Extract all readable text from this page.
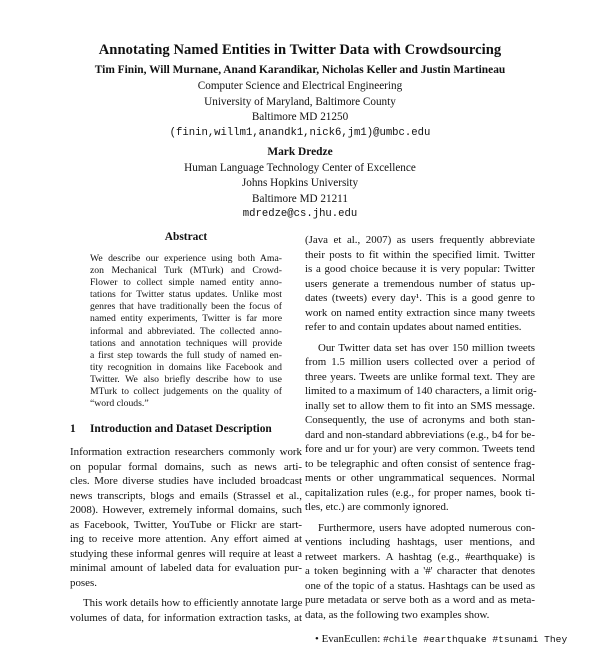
Annotating Named Entities in Twitter Data with Crowdsourcing
Tim Finin, Will Murnane, Anand Karandikar, Nicholas Keller and Justin Martineau
Computer Science and Electrical Engineering
University of Maryland, Baltimore County
Baltimore MD 21250
(finin,willm1,anandk1,nick6,jm1)@umbc.edu
Mark Dredze
Human Language Technology Center of Excellence
Johns Hopkins University
Baltimore MD 21211
mdredze@cs.jhu.edu
Abstract
We describe our experience using both Ama-
zon Mechanical Turk (MTurk) and Crowd-
Flower to collect simple named entity anno-
tations for Twitter status updates. Unlike most
genres that have traditionally been the focus of
named entity experiments, Twitter is far more
informal and abbreviated. The collected anno-
tations and annotation techniques will provide
a first step towards the full study of named en-
tity recognition in domains like Facebook and
Twitter. We also briefly describe how to use
MTurk to collect judgements on the quality of
“word clouds.”
1 Introduction and Dataset Description
Information extraction researchers commonly work
on popular formal domains, such as news arti-
cles. More diverse studies have included broadcast
news transcripts, blogs and emails (Strassel et al.,
2008). However, extremely informal domains, such
as Facebook, Twitter, YouTube or Flickr are start-
ing to receive more attention. Any effort aimed at
studying these informal genres will require at least a
minimal amount of labeled data for evaluation pur-
poses.
This work details how to efficiently annotate large
volumes of data, for information extraction tasks, at
(Java et al., 2007) as users frequently abbreviate
their posts to fit within the specified limit. Twitter
is a good choice because it is very popular: Twitter
users generate a tremendous number of status up-
dates (tweets) every day¹. This is a good genre to
work on named entity extraction since many tweets
refer to and contain updates about named entities.
Our Twitter data set has over 150 million tweets
from 1.5 million users collected over a period of
three years. Tweets are unlike formal text. They are
limited to a maximum of 140 characters, a limit orig-
inally set to allow them to fit into an SMS message.
Consequently, the use of acronyms and both stan-
dard and non-standard abbreviations (e.g., b4 for be-
fore and ur for your) are very common. Tweets tend
to be telegraphic and often consist of sentence frag-
ments or other ungrammatical sequences. Normal
capitalization rules (e.g., for proper names, book ti-
tles, etc.) are commonly ignored.
Furthermore, users have adopted numerous con-
ventions including hashtags, user mentions, and
retweet markers. A hashtag (e.g., #earthquake) is
a token beginning with a '#' character that denotes
one of the topic of a status. Hashtags can be used as
pure metadata or serve both as a word and as meta-
data, as the following two examples show.
• EvanEcullen: #chile #earthquake #tsunami They
